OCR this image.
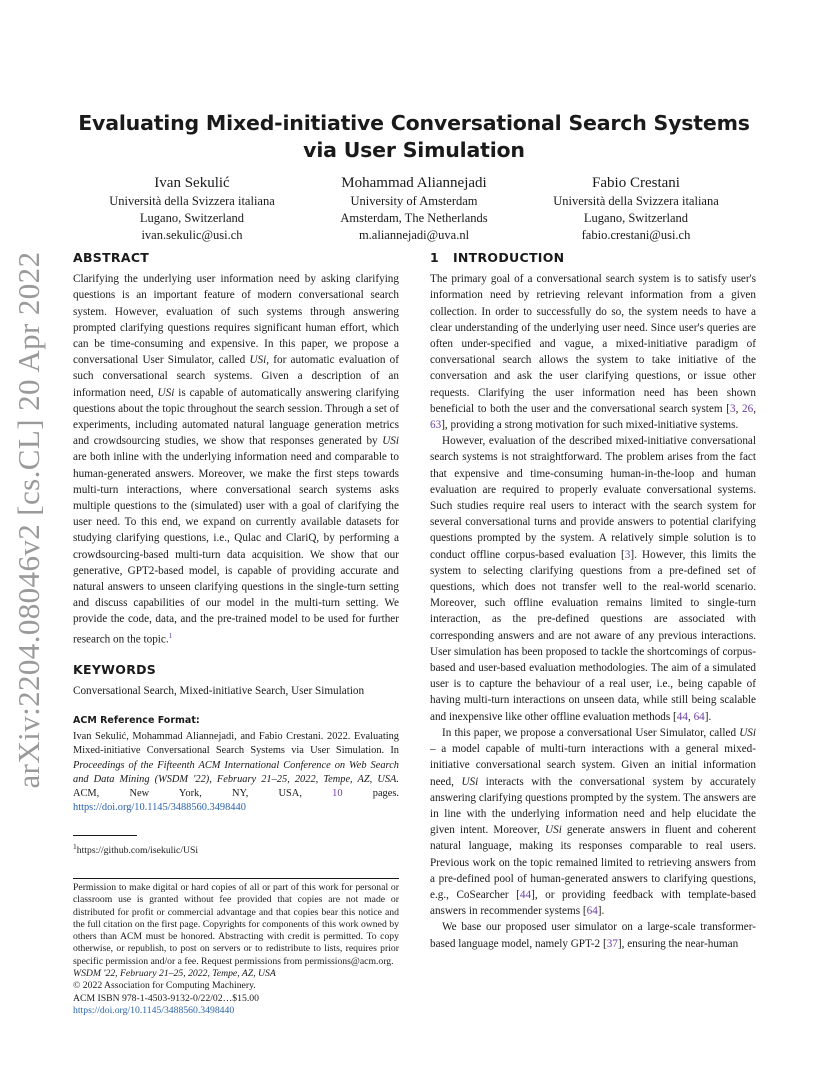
arXiv:2204.08046v2 [cs.CL] 20 Apr 2022
Evaluating Mixed-initiative Conversational Search Systems
via User Simulation
Ivan Sekulić
Università della Svizzera italiana
Lugano, Switzerland
ivan.sekulic@usi.ch
Mohammad Aliannejadi
University of Amsterdam
Amsterdam, The Netherlands
m.aliannejadi@uva.nl
Fabio Crestani
Università della Svizzera italiana
Lugano, Switzerland
fabio.crestani@usi.ch
ABSTRACT

Clarifying the underlying user information need by asking clarifying questions is an important feature of modern conversational search system. However, evaluation of such systems through answering prompted clarifying questions requires significant human effort, which can be time-consuming and expensive. In this paper, we propose a conversational User Simulator, called USi, for automatic evaluation of such conversational search systems. Given a description of an information need, USi is capable of automatically answering clarifying questions about the topic throughout the search session. Through a set of experiments, including automated natural language generation metrics and crowdsourcing studies, we show that responses generated by USi are both inline with the underlying information need and comparable to human-generated answers. Moreover, we make the first steps towards multi-turn interactions, where conversational search systems asks multiple questions to the (simulated) user with a goal of clarifying the user need. To this end, we expand on currently available datasets for studying clarifying questions, i.e., Qulac and ClariQ, by performing a crowdsourcing-based multi-turn data acquisition. We show that our generative, GPT2-based model, is capable of providing accurate and natural answers to unseen clarifying questions in the single-turn setting and discuss capabilities of our model in the multi-turn setting. We provide the code, data, and the pre-trained model to be used for further research on the topic.$^1$

KEYWORDS

Conversational Search, Mixed-initiative Search, User Simulation

ACM Reference Format:

Ivan Sekulić, Mohammad Aliannejadi, and Fabio Crestani. 2022. Evaluating Mixed-initiative Conversational Search Systems via User Simulation. In Proceedings of the Fifteenth ACM International Conference on Web Search and Data Mining (WSDM '22), February 21–25, 2022, Tempe, AZ, USA. ACM, New York, NY, USA, 10 pages. https://doi.org/10.1145/3488560.3498440

$^1$https://github.com/isekulic/USi

Permission to make digital or hard copies of all or part of this work for personal or classroom use is granted without fee provided that copies are not made or distributed for profit or commercial advantage and that copies bear this notice and the full citation on the first page. Copyrights for components of this work owned by others than ACM must be honored. Abstracting with credit is permitted. To copy otherwise, or republish, to post on servers or to redistribute to lists, requires prior specific permission and/or a fee. Request permissions from permissions@acm.org.

WSDM '22, February 21–25, 2022, Tempe, AZ, USA

© 2022 Association for Computing Machinery.

ACM ISBN 978-1-4503-9132-0/22/02…$15.00

https://doi.org/10.1145/3488560.3498440

1   INTRODUCTION

The primary goal of a conversational search system is to satisfy user's information need by retrieving relevant information from a given collection. In order to successfully do so, the system needs to have a clear understanding of the underlying user need. Since user's queries are often under-specified and vague, a mixed-initiative paradigm of conversational search allows the system to take initiative of the conversation and ask the user clarifying questions, or issue other requests. Clarifying the user information need has been shown beneficial to both the user and the conversational search system [3, 26, 63], providing a strong motivation for such mixed-initiative systems.

However, evaluation of the described mixed-initiative conversational search systems is not straightforward. The problem arises from the fact that expensive and time-consuming human-in-the-loop and human evaluation are required to properly evaluate conversational systems. Such studies require real users to interact with the search system for several conversational turns and provide answers to potential clarifying questions prompted by the system. A relatively simple solution is to conduct offline corpus-based evaluation [3]. However, this limits the system to selecting clarifying questions from a pre-defined set of questions, which does not transfer well to the real-world scenario. Moreover, such offline evaluation remains limited to single-turn interaction, as the pre-defined questions are associated with corresponding answers and are not aware of any previous interactions. User simulation has been proposed to tackle the shortcomings of corpus-based and user-based evaluation methodologies. The aim of a simulated user is to capture the behaviour of a real user, i.e., being capable of having multi-turn interactions on unseen data, while still being scalable and inexpensive like other offline evaluation methods [44, 64].

In this paper, we propose a conversational User Simulator, called USi – a model capable of multi-turn interactions with a general mixed-initiative conversational search system. Given an initial information need, USi interacts with the conversational system by accurately answering clarifying questions prompted by the system. The answers are in line with the underlying information need and help elucidate the given intent. Moreover, USi generate answers in fluent and coherent natural language, making its responses comparable to real users. Previous work on the topic remained limited to retrieving answers from a pre-defined pool of human-generated answers to clarifying questions, e.g., CoSearcher [44], or providing feedback with template-based answers in recommender systems [64].

We base our proposed user simulator on a large-scale transformer-based language model, namely GPT-2 [37], ensuring the near-human
